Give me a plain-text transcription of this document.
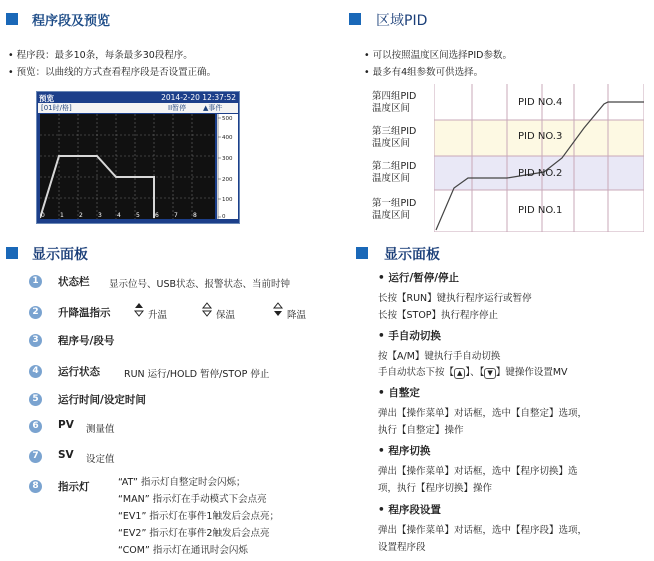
程序段及预览
• 程序段：最多10条，每条最多30段程序。
• 预览：以曲线的方式查看程序段是否设置正确。
预览	2014-2-20 12:37:52
[01时/格]	II暂停 ▲事件
0	1	2	3	4	5	6	7	8
500
400
300
200
100
0
显示面板
1	状态栏 显示位号、USB状态、报警状态、当前时钟
2	升降温指示	升温	保温	降温
3	程序号/段号
4	运行状态	RUN 运行/HOLD 暂停/STOP 停止
5	运行时间/设定时间
6	PV 测量值
7	SV 设定值
8	指示灯	“AT” 指示灯自整定时会闪烁；
“MAN” 指示灯在手动模式下会点亮
“EV1” 指示灯在事件1触发后会点亮；
“EV2” 指示灯在事件2触发后会点亮
“COM” 指示灯在通讯时会闪烁
区域PID
• 可以按照温度区间选择PID参数。
• 最多有4组参数可供选择。
第四组PID
温度区间
第三组PID
温度区间
第二组PID
温度区间
第一组PID
温度区间
PID NO.4
PID NO.3
PID NO.2
PID NO.1
显示面板
• 运行/暂停/停止
长按【RUN】键执行程序运行或暂停
长按【STOP】执行程序停止
• 手自动切换
按【A/M】键执行手自动切换
手自动状态下按【 ▲ 】、【 ▼ 】键操作设置MV
• 自整定
弹出【操作菜单】对话框，选中【自整定】选项，
执行【自整定】操作
• 程序切换
弹出【操作菜单】对话框，选中【程序切换】选
项，执行【程序切换】操作
• 程序段设置
弹出【操作菜单】对话框，选中【程序段】选项，
设置程序段
